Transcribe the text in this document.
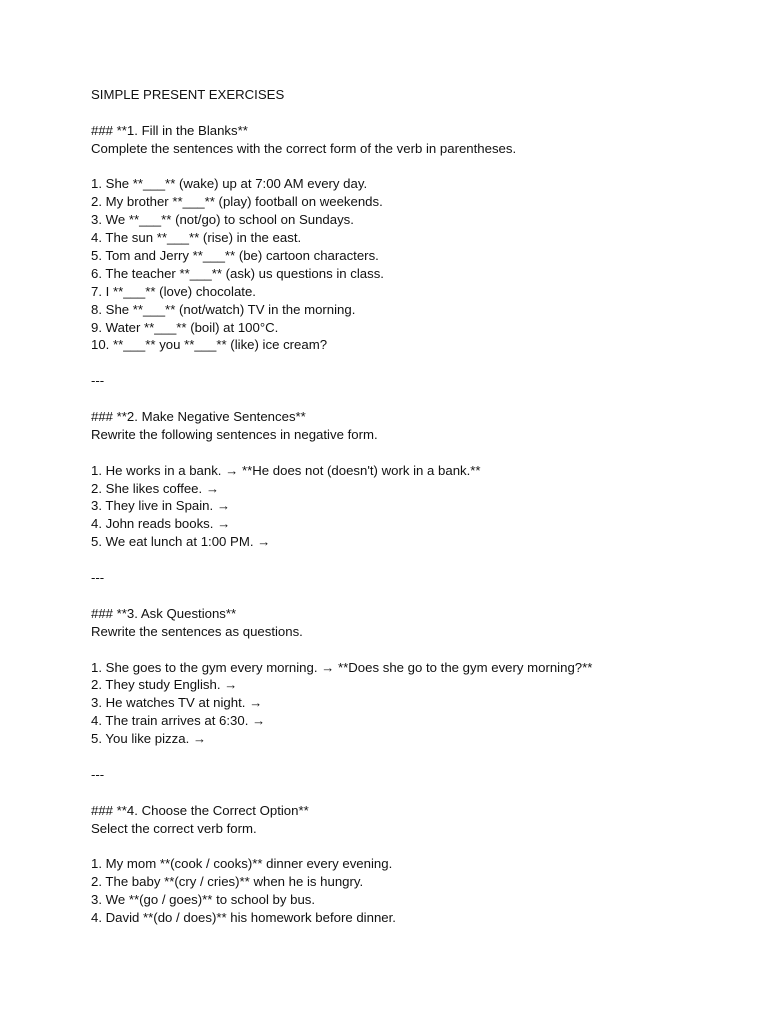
SIMPLE PRESENT EXERCISES
### **1. Fill in the Blanks**
Complete the sentences with the correct form of the verb in parentheses.
1. She **___** (wake) up at 7:00 AM every day.
2. My brother **___** (play) football on weekends.
3. We **___** (not/go) to school on Sundays.
4. The sun **___** (rise) in the east.
5. Tom and Jerry **___** (be) cartoon characters.
6. The teacher **___** (ask) us questions in class.
7. I **___** (love) chocolate.
8. She **___** (not/watch) TV in the morning.
9. Water **___** (boil) at 100°C.
10. **___** you **___** (like) ice cream?
---
### **2. Make Negative Sentences**
Rewrite the following sentences in negative form.
1. He works in a bank. → **He does not (doesn't) work in a bank.**
2. She likes coffee. →
3. They live in Spain. →
4. John reads books. →
5. We eat lunch at 1:00 PM. →
---
### **3. Ask Questions**
Rewrite the sentences as questions.
1. She goes to the gym every morning. → **Does she go to the gym every morning?**
2. They study English. →
3. He watches TV at night. →
4. The train arrives at 6:30. →
5. You like pizza. →
---
### **4. Choose the Correct Option**
Select the correct verb form.
1. My mom **(cook / cooks)** dinner every evening.
2. The baby **(cry / cries)** when he is hungry.
3. We **(go / goes)** to school by bus.
4. David **(do / does)** his homework before dinner.
